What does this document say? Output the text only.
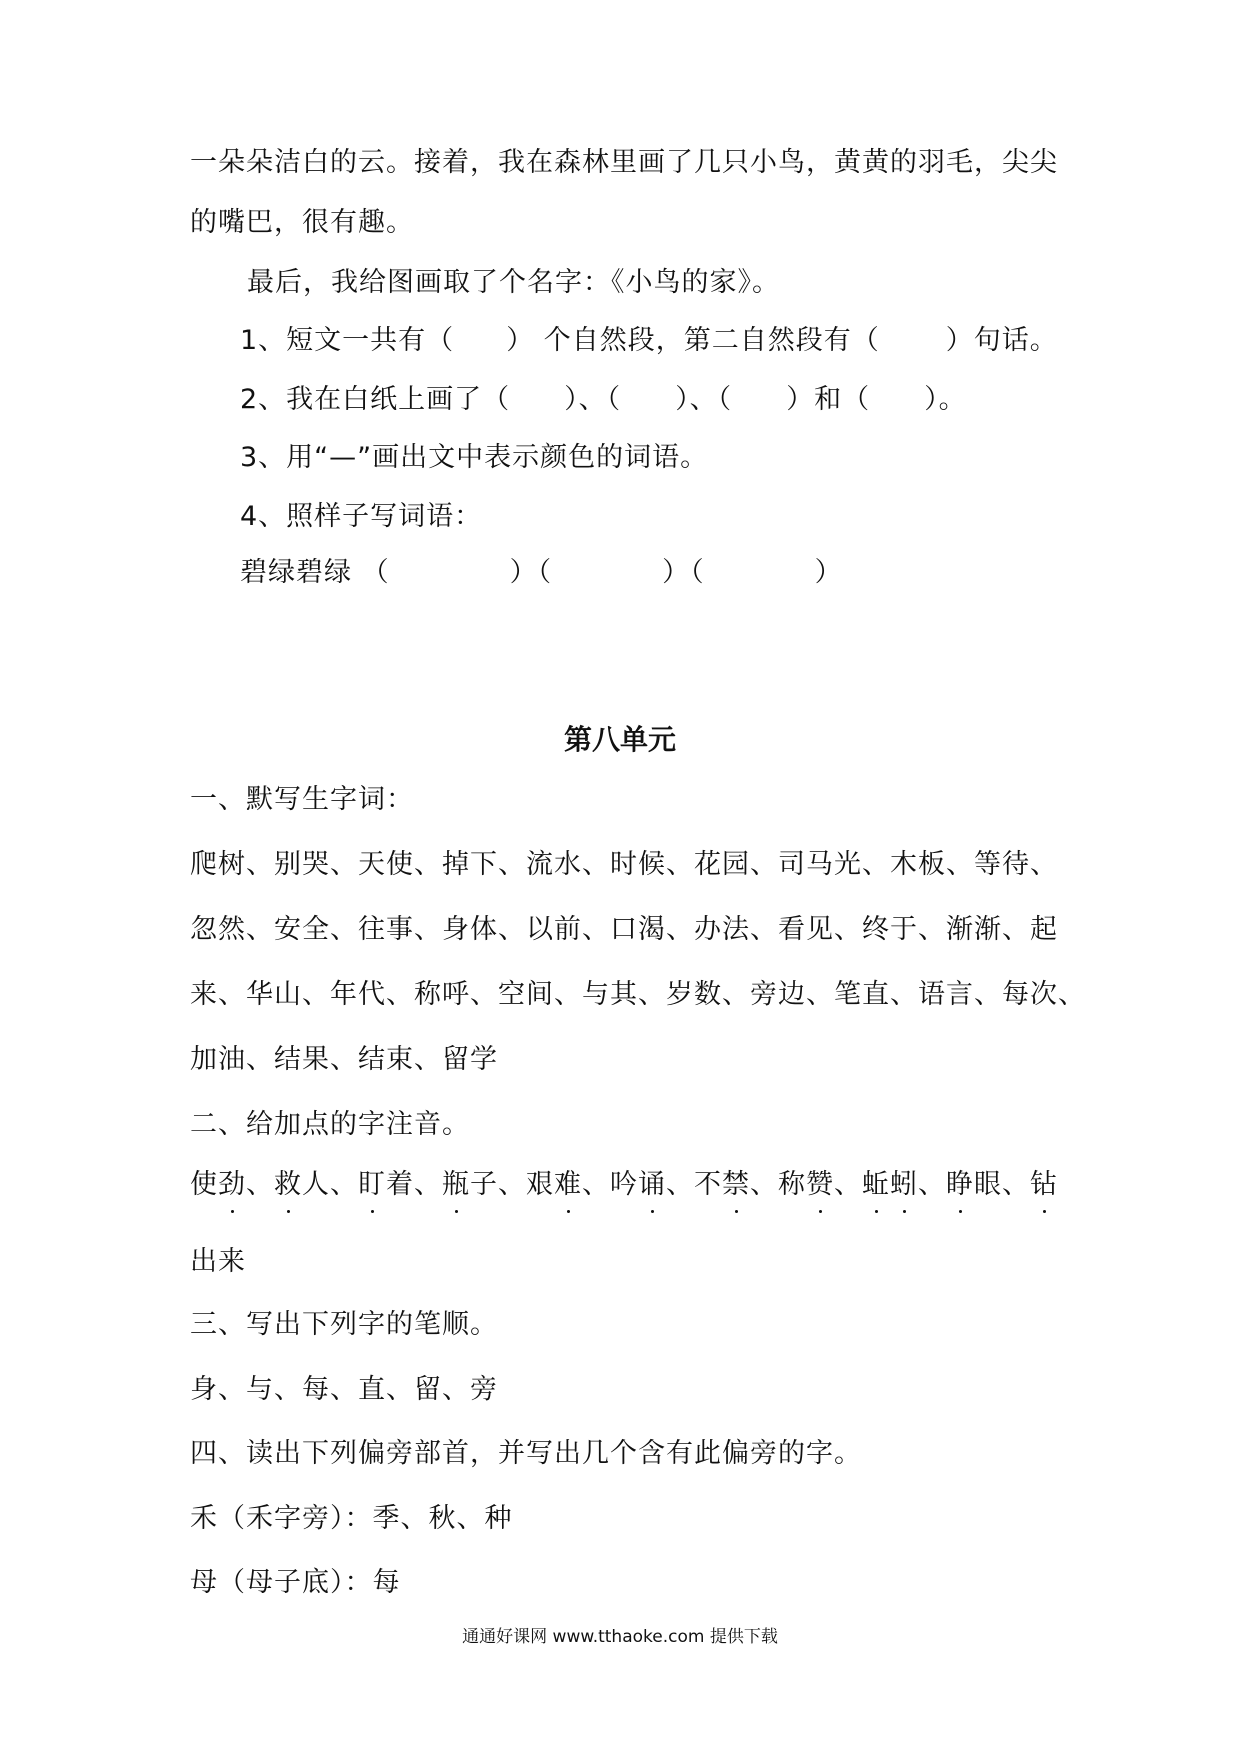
一朵朵洁白的云。接着，我在森林里画了几只小鸟，黄黄的羽毛，尖尖
的嘴巴，很有趣。
最后，我给图画取了个名字：《小鸟的家》。
1、短文一共有（ ） 个自然段，第二自然段有（ ）句话。
2、我在白纸上画了（ ）、（ ）、（ ）和（ ）。
3、用“—”画出文中表示颜色的词语。
4、照样子写词语：
碧绿碧绿 （	）（	）（	）
第八单元
一、默写生字词：
爬树、别哭、天使、掉下、流水、时候、花园、司马光、木板、等待、
忽然、安全、往事、身体、以前、口渴、办法、看见、终于、渐渐、起
来、华山、年代、称呼、空间、与其、岁数、旁边、笔直、语言、每次、
加油、结果、结束、留学
二、给加点的字注音。
使劲、救人、盯着、瓶子、艰难、吟诵、不禁、称赞、蚯蚓、睁眼、钻
出来
三、写出下列字的笔顺。
身、与、每、直、留、旁
四、读出下列偏旁部首，并写出几个含有此偏旁的字。
禾（禾字旁）：季、秋、种
母（母子底）：每
通通好课网 www.tthaoke.com 提供下载
